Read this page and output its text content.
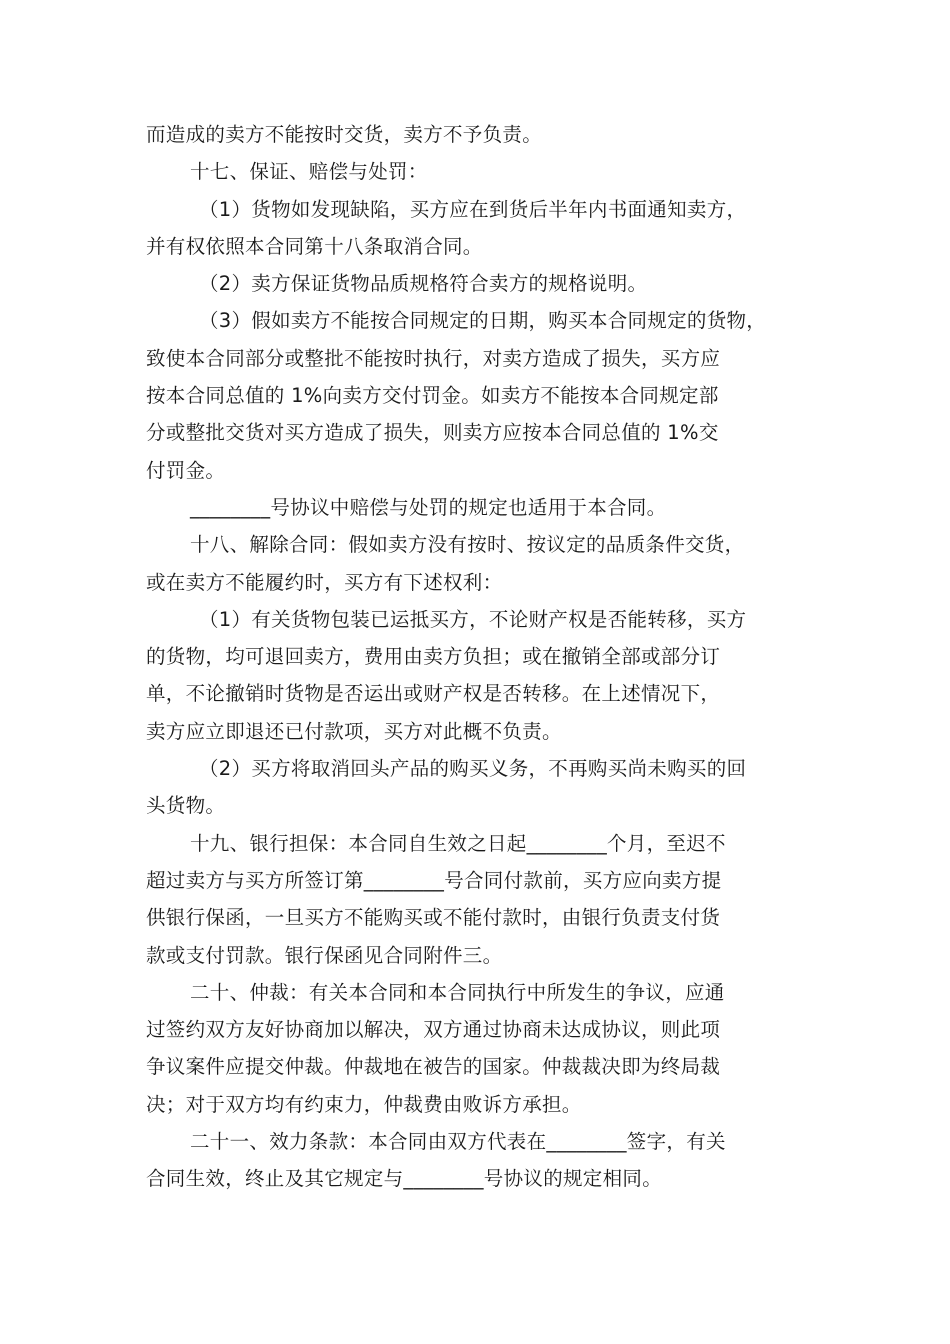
而造成的卖方不能按时交货，卖方不予负责。
十七、保证、赔偿与处罚：
（1）货物如发现缺陷，买方应在到货后半年内书面通知卖方，
并有权依照本合同第十八条取消合同。
（2）卖方保证货物品质规格符合卖方的规格说明。
（3）假如卖方不能按合同规定的日期，购买本合同规定的货物，
致使本合同部分或整批不能按时执行，对卖方造成了损失，买方应
按本合同总值的 1%向卖方交付罚金。如卖方不能按本合同规定部
分或整批交货对买方造成了损失，则卖方应按本合同总值的 1%交
付罚金。
________号协议中赔偿与处罚的规定也适用于本合同。
十八、解除合同：假如卖方没有按时、按议定的品质条件交货，
或在卖方不能履约时，买方有下述权利：
（1）有关货物包装已运抵买方，不论财产权是否能转移，买方
的货物，均可退回卖方，费用由卖方负担；或在撤销全部或部分订
单，不论撤销时货物是否运出或财产权是否转移。在上述情况下，
卖方应立即退还已付款项，买方对此概不负责。
（2）买方将取消回头产品的购买义务，不再购买尚未购买的回
头货物。
十九、银行担保：本合同自生效之日起________个月，至迟不
超过卖方与买方所签订第________号合同付款前，买方应向卖方提
供银行保函，一旦买方不能购买或不能付款时，由银行负责支付货
款或支付罚款。银行保函见合同附件三。
二十、仲裁：有关本合同和本合同执行中所发生的争议，应通
过签约双方友好协商加以解决，双方通过协商未达成协议，则此项
争议案件应提交仲裁。仲裁地在被告的国家。仲裁裁决即为终局裁
决；对于双方均有约束力，仲裁费由败诉方承担。
二十一、效力条款：本合同由双方代表在________签字，有关
合同生效，终止及其它规定与________号协议的规定相同。
